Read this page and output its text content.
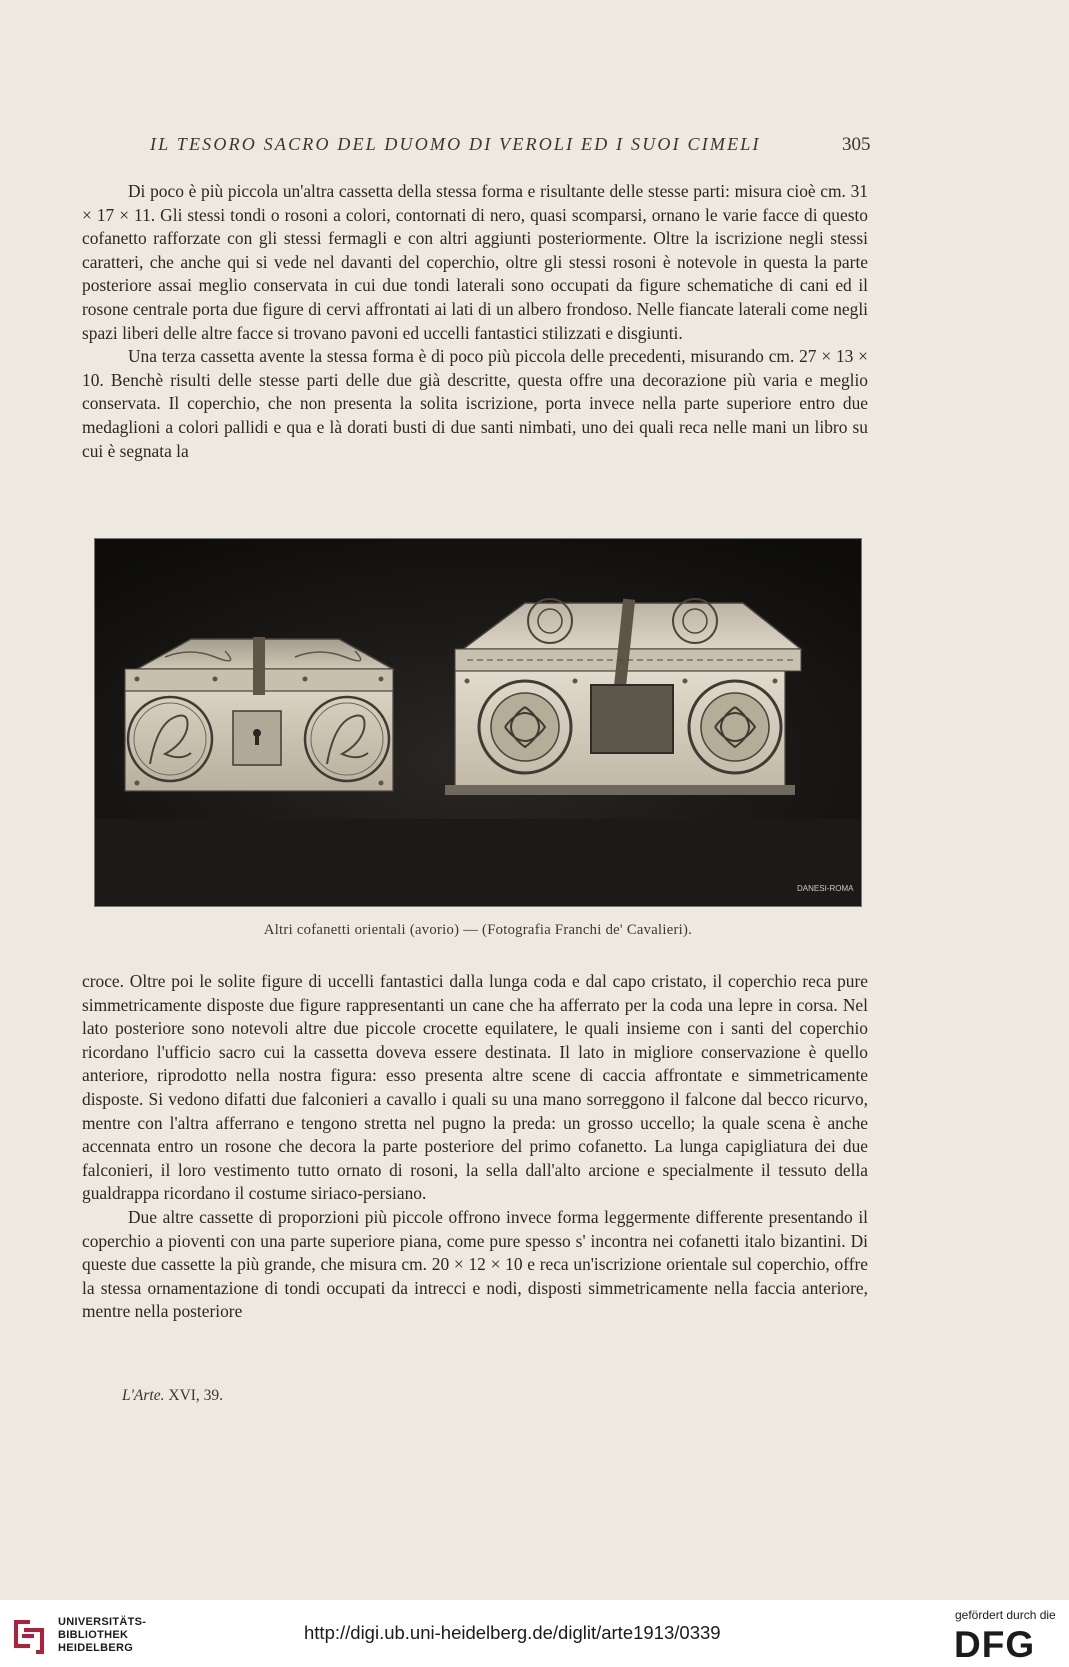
IL TESORO SACRO DEL DUOMO DI VEROLI ED I SUOI CIMELI	305

Di poco è più piccola un'altra cassetta della stessa forma e risultante delle stesse parti: misura cioè cm. 31 × 17 × 11. Gli stessi tondi o rosoni a colori, contornati di nero, quasi scomparsi, ornano le varie facce di questo cofanetto rafforzate con gli stessi fermagli e con altri aggiunti posteriormente. Oltre la iscrizione negli stessi caratteri, che anche qui si vede nel davanti del coperchio, oltre gli stessi rosoni è notevole in questa la parte posteriore assai meglio conservata in cui due tondi laterali sono occupati da figure schematiche di cani ed il rosone centrale porta due figure di cervi affrontati ai lati di un albero frondoso. Nelle fiancate laterali come negli spazi liberi delle altre facce si trovano pavoni ed uccelli fantastici stilizzati e disgiunti.

Una terza cassetta avente la stessa forma è di poco più piccola delle precedenti, misurando cm. 27 × 13 × 10. Benchè risulti delle stesse parti delle due già descritte, questa offre una decorazione più varia e meglio conservata. Il coperchio, che non presenta la solita iscrizione, porta invece nella parte superiore entro due medaglioni a colori pallidi e qua e là dorati busti di due santi nimbati, uno dei quali reca nelle mani un libro su cui è segnata la

DANESI-ROMA
Altri cofanetti orientali (avorio) — (Fotografia Franchi de' Cavalieri).

croce. Oltre poi le solite figure di uccelli fantastici dalla lunga coda e dal capo cristato, il coperchio reca pure simmetricamente disposte due figure rappresentanti un cane che ha afferrato per la coda una lepre in corsa. Nel lato posteriore sono notevoli altre due piccole crocette equilatere, le quali insieme con i santi del coperchio ricordano l'ufficio sacro cui la cassetta doveva essere destinata. Il lato in migliore conservazione è quello anteriore, riprodotto nella nostra figura: esso presenta altre scene di caccia affrontate e simmetricamente disposte. Si vedono difatti due falconieri a cavallo i quali su una mano sorreggono il falcone dal becco ricurvo, mentre con l'altra afferrano e tengono stretta nel pugno la preda: un grosso uccello; la quale scena è anche accennata entro un rosone che decora la parte posteriore del primo cofanetto. La lunga capigliatura dei due falconieri, il loro vestimento tutto ornato di rosoni, la sella dall'alto arcione e specialmente il tessuto della gualdrappa ricordano il costume siriaco-persiano.

Due altre cassette di proporzioni più piccole offrono invece forma leggermente differente presentando il coperchio a pioventi con una parte superiore piana, come pure spesso s' incontra nei cofanetti italo bizantini. Di queste due cassette la più grande, che misura cm. 20 × 12 × 10 e reca un'iscrizione orientale sul coperchio, offre la stessa ornamentazione di tondi occupati da intrecci e nodi, disposti simmetricamente nella faccia anteriore, mentre nella posteriore

L'Arte. XVI, 39.
UNIVERSITÄTS-
BIBLIOTHEK
HEIDELBERG
http://digi.ub.uni-heidelberg.de/diglit/arte1913/0339
gefördert durch die
DFG
